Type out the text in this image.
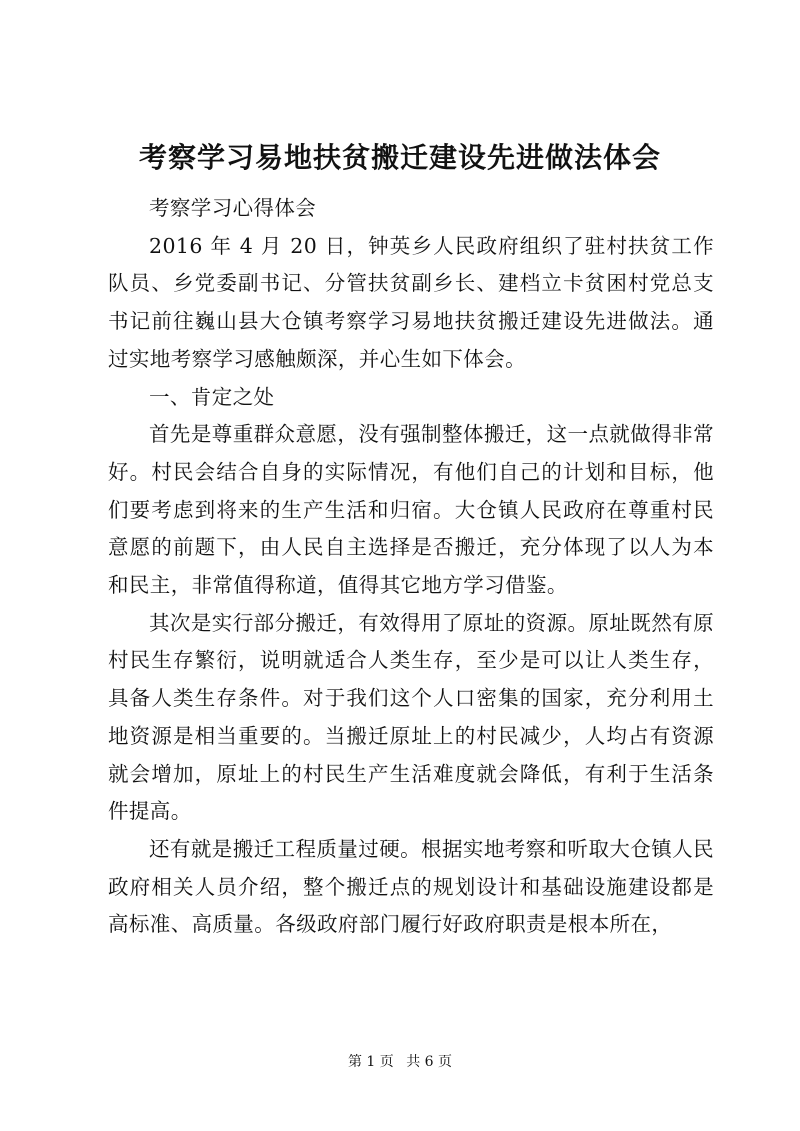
考察学习易地扶贫搬迁建设先进做法体会

考察学习心得体会

2016 年 4 月 20 日，钟英乡人民政府组织了驻村扶贫工作队员、乡党委副书记、分管扶贫副乡长、建档立卡贫困村党总支书记前往巍山县大仓镇考察学习易地扶贫搬迁建设先进做法。通过实地考察学习感触颇深，并心生如下体会。

一、肯定之处

首先是尊重群众意愿，没有强制整体搬迁，这一点就做得非常好。村民会结合自身的实际情况，有他们自己的计划和目标，他们要考虑到将来的生产生活和归宿。大仓镇人民政府在尊重村民意愿的前题下，由人民自主选择是否搬迁，充分体现了以人为本和民主，非常值得称道，值得其它地方学习借鉴。

其次是实行部分搬迁，有效得用了原址的资源。原址既然有原村民生存繁衍，说明就适合人类生存，至少是可以让人类生存，具备人类生存条件。对于我们这个人口密集的国家，充分利用土地资源是相当重要的。当搬迁原址上的村民减少，人均占有资源就会增加，原址上的村民生产生活难度就会降低，有利于生活条件提高。

还有就是搬迁工程质量过硬。根据实地考察和听取大仓镇人民政府相关人员介绍，整个搬迁点的规划设计和基础设施建设都是高标准、高质量。各级政府部门履行好政府职责是根本所在，

第 1 页 共 6 页
